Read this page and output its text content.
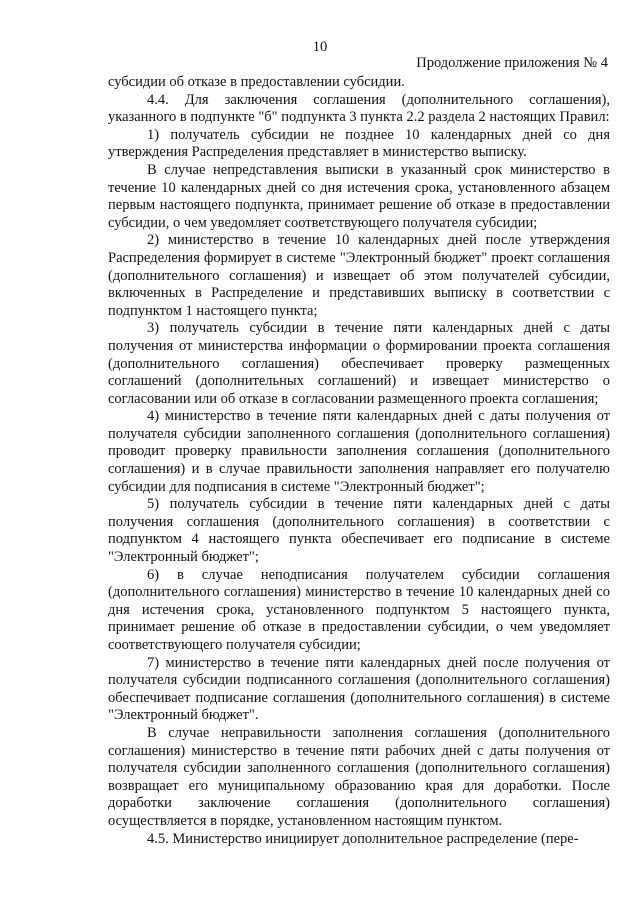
10
Продолжение приложения № 4

субсидии об отказе в предоставлении субсидии.

4.4. Для заключения соглашения (дополнительного соглашения), указанного в подпункте "б" подпункта 3 пункта 2.2 раздела 2 настоящих Правил:

1) получатель субсидии не позднее 10 календарных дней со дня утверждения Распределения представляет в министерство выписку.

В случае непредставления выписки в указанный срок министерство в течение 10 календарных дней со дня истечения срока, установленного абзацем первым настоящего подпункта, принимает решение об отказе в предоставлении субсидии, о чем уведомляет соответствующего получателя субсидии;

2) министерство в течение 10 календарных дней после утверждения Распределения формирует в системе "Электронный бюджет" проект соглашения (дополнительного соглашения) и извещает об этом получателей субсидии, включенных в Распределение и представивших выписку в соответствии с подпунктом 1 настоящего пункта;

3) получатель субсидии в течение пяти календарных дней с даты получения от министерства информации о формировании проекта соглашения (дополнительного соглашения) обеспечивает проверку размещенных соглашений (дополнительных соглашений) и извещает министерство о согласовании или об отказе в согласовании размещенного проекта соглашения;

4) министерство в течение пяти календарных дней с даты получения от получателя субсидии заполненного соглашения (дополнительного соглашения) проводит проверку правильности заполнения соглашения (дополнительного соглашения) и в случае правильности заполнения направляет его получателю субсидии для подписания в системе "Электронный бюджет";

5) получатель субсидии в течение пяти календарных дней с даты получения соглашения (дополнительного соглашения) в соответствии с подпунктом 4 настоящего пункта обеспечивает его подписание в системе "Электронный бюджет";

6) в случае неподписания получателем субсидии соглашения (дополнительного соглашения) министерство в течение 10 календарных дней со дня истечения срока, установленного подпунктом 5 настоящего пункта, принимает решение об отказе в предоставлении субсидии, о чем уведомляет соответствующего получателя субсидии;

7) министерство в течение пяти календарных дней после получения от получателя субсидии подписанного соглашения (дополнительного соглашения) обеспечивает подписание соглашения (дополнительного соглашения) в системе "Электронный бюджет".

В случае неправильности заполнения соглашения (дополнительного соглашения) министерство в течение пяти рабочих дней с даты получения от получателя субсидии заполненного соглашения (дополнительного соглашения) возвращает его муниципальному образованию края для доработки. После доработки заключение соглашения (дополнительного соглашения) осуществляется в порядке, установленном настоящим пунктом.

4.5. Министерство инициирует дополнительное распределение (пере-
